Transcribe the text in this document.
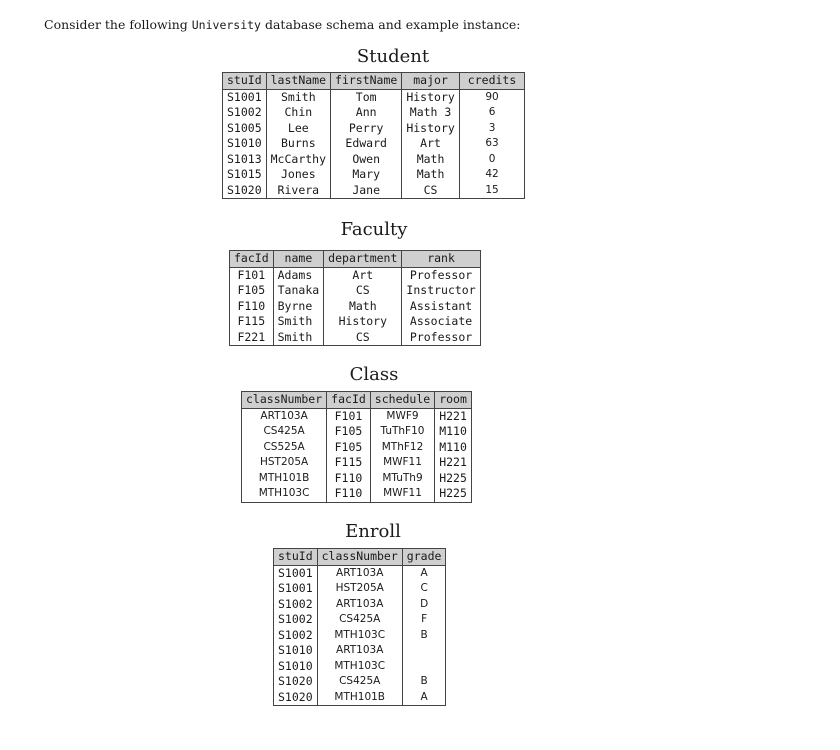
Consider the following University database schema and example instance:
Student
stuId	lastName	firstName	major	credits
S1001	Smith	Tom	History	90
S1002	Chin	Ann	Math 3	6
S1005	Lee	Perry	History	3
S1010	Burns	Edward	Art	63
S1013	McCarthy	Owen	Math	0
S1015	Jones	Mary	Math	42
S1020	Rivera	Jane	CS	15
Faculty
facId	name	department	rank
F101	Adams	Art	Professor
F105	Tanaka	CS	Instructor
F110	Byrne	Math	Assistant
F115	Smith	History	Associate
F221	Smith	CS	Professor
Class
classNumber	facId	schedule	room
ART103A	F101	MWF9	H221
CS425A	F105	TuThF10	M110
CS525A	F105	MThF12	M110
HST205A	F115	MWF11	H221
MTH101B	F110	MTuTh9	H225
MTH103C	F110	MWF11	H225
Enroll
stuId	classNumber	grade
S1001	ART103A	A
S1001	HST205A	C
S1002	ART103A	D
S1002	CS425A	F
S1002	MTH103C	B
S1010	ART103A	
S1010	MTH103C	
S1020	CS425A	B
S1020	MTH101B	A
